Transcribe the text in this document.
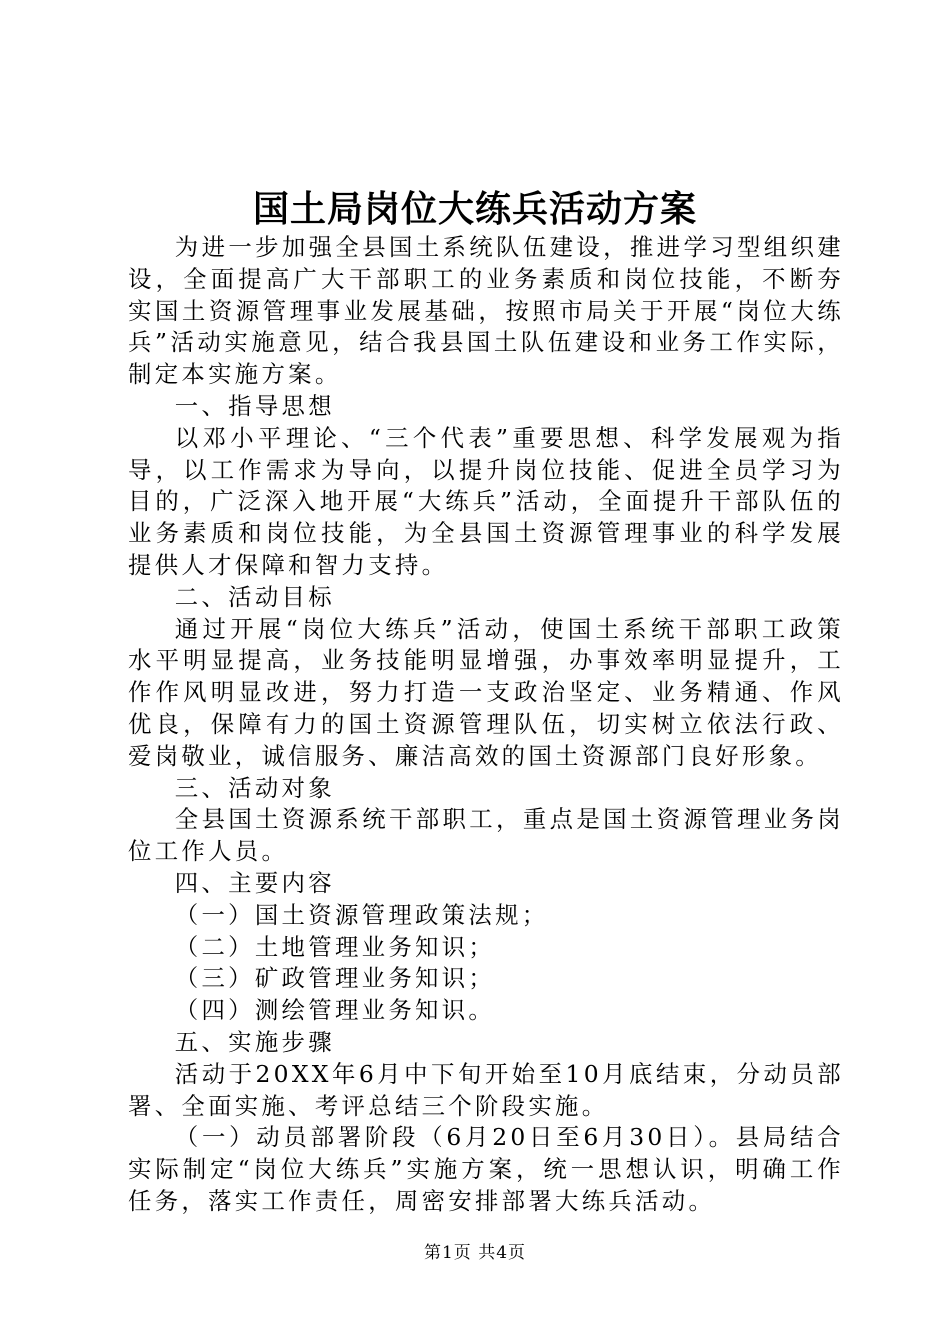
国土局岗位大练兵活动方案

为进一步加强全县国土系统队伍建设，推进学习型组织建设，全面提高广大干部职工的业务素质和岗位技能，不断夯实国土资源管理事业发展基础，按照市局关于开展“岗位大练兵”活动实施意见，结合我县国土队伍建设和业务工作实际，制定本实施方案。

一、指导思想

以邓小平理论、“三个代表”重要思想、科学发展观为指导，以工作需求为导向，以提升岗位技能、促进全员学习为目的，广泛深入地开展“大练兵”活动，全面提升干部队伍的业务素质和岗位技能，为全县国土资源管理事业的科学发展提供人才保障和智力支持。

二、活动目标

通过开展“岗位大练兵”活动，使国土系统干部职工政策水平明显提高，业务技能明显增强，办事效率明显提升，工作作风明显改进，努力打造一支政治坚定、业务精通、作风优良，保障有力的国土资源管理队伍，切实树立依法行政、爱岗敬业，诚信服务、廉洁高效的国土资源部门良好形象。

三、活动对象

全县国土资源系统干部职工，重点是国土资源管理业务岗位工作人员。

四、主要内容

（一）国土资源管理政策法规；

（二）土地管理业务知识；

（三）矿政管理业务知识；

（四）测绘管理业务知识。

五、实施步骤

活动于20XX年6月中下旬开始至10月底结束，分动员部署、全面实施、考评总结三个阶段实施。

（一）动员部署阶段（6月20日至6月30日）。县局结合实际制定“岗位大练兵”实施方案，统一思想认识，明确工作任务，落实工作责任，周密安排部署大练兵活动。

第1页 共4页
